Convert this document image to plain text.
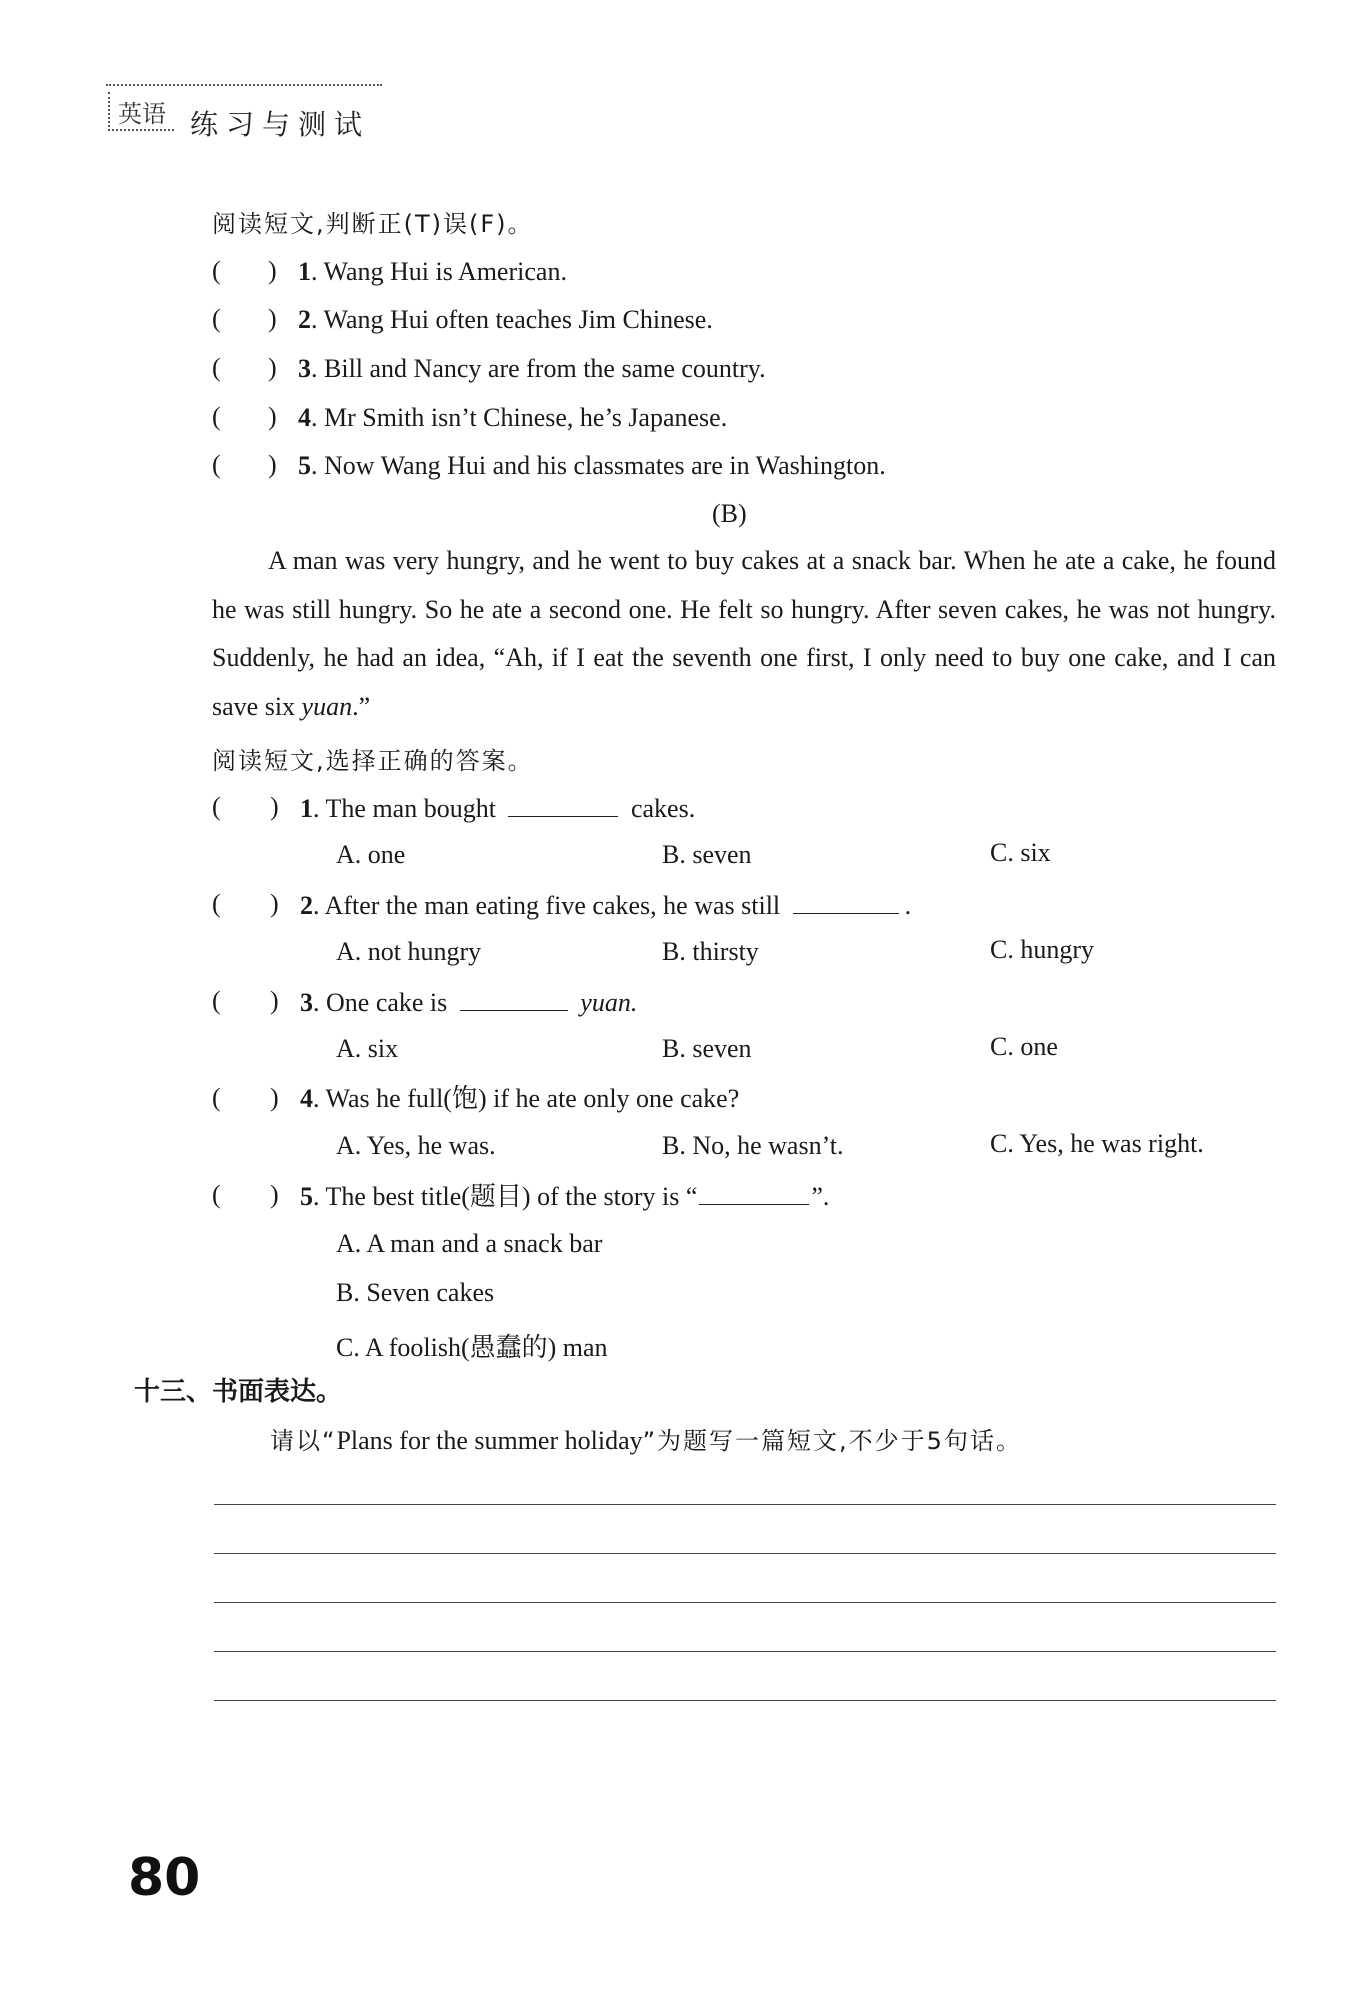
英语 练习与测试
阅读短文,判断正(T)误(F)。
( ) 1. Wang Hui is American.
( ) 2. Wang Hui often teaches Jim Chinese.
( ) 3. Bill and Nancy are from the same country.
( ) 4. Mr Smith isn’t Chinese, he’s Japanese.
( ) 5. Now Wang Hui and his classmates are in Washington.
(B)
A man was very hungry, and he went to buy cakes at a snack bar. When he ate a cake, he found he was still hungry. So he ate a second one. He felt so hungry. After seven cakes, he was not hungry. Suddenly, he had an idea, “Ah, if I eat the seventh one first, I only need to buy one cake, and I can save six yuan.”
阅读短文,选择正确的答案。
( ) 1. The man bought	cakes.
A. one	B. seven	C. six
( ) 2. After the man eating five cakes, he was still	.
A. not hungry	B. thirsty	C. hungry
( ) 3. One cake is	yuan.
A. six	B. seven	C. one
( ) 4. Was he full(饱) if he ate only one cake?
A. Yes, he was.	B. No, he wasn’t.	C. Yes, he was right.
( ) 5. The best title(题目) of the story is “	”.
A. A man and a snack bar
B. Seven cakes
C. A foolish(愚蠢的) man
十三、书面表达。
请以“Plans for the summer holiday”为题写一篇短文,不少于5句话。
80
